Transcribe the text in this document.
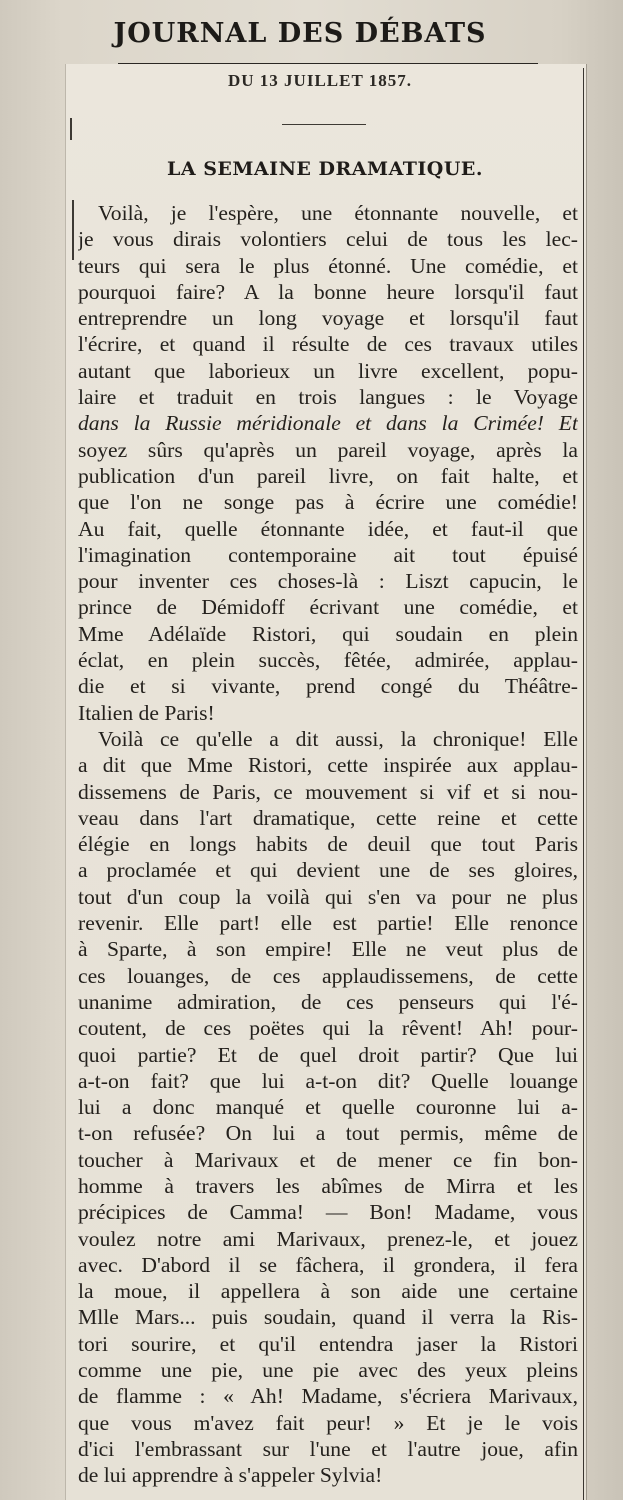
JOURNAL DES DÉBATS
DU 13 JUILLET 1857.
LA SEMAINE DRAMATIQUE.
Voilà, je l'espère, une étonnante nouvelle, et
je vous dirais volontiers celui de tous les lec-
teurs qui sera le plus étonné. Une comédie, et
pourquoi faire? A la bonne heure lorsqu'il faut
entreprendre un long voyage et lorsqu'il faut
l'écrire, et quand il résulte de ces travaux utiles
autant que laborieux un livre excellent, popu-
laire et traduit en trois langues : le Voyage
dans la Russie méridionale et dans la Crimée! Et
soyez sûrs qu'après un pareil voyage, après la
publication d'un pareil livre, on fait halte, et
que l'on ne songe pas à écrire une comédie!
Au fait, quelle étonnante idée, et faut-il que
l'imagination contemporaine ait tout épuisé
pour inventer ces choses-là : Liszt capucin, le
prince de Démidoff écrivant une comédie, et
Mme Adélaïde Ristori, qui soudain en plein
éclat, en plein succès, fêtée, admirée, applau-
die et si vivante, prend congé du Théâtre-
Italien de Paris!
Voilà ce qu'elle a dit aussi, la chronique! Elle
a dit que Mme Ristori, cette inspirée aux applau-
dissemens de Paris, ce mouvement si vif et si nou-
veau dans l'art dramatique, cette reine et cette
élégie en longs habits de deuil que tout Paris
a proclamée et qui devient une de ses gloires,
tout d'un coup la voilà qui s'en va pour ne plus
revenir. Elle part! elle est partie! Elle renonce
à Sparte, à son empire! Elle ne veut plus de
ces louanges, de ces applaudissemens, de cette
unanime admiration, de ces penseurs qui l'é-
coutent, de ces poëtes qui la rêvent! Ah! pour-
quoi partie? Et de quel droit partir? Que lui
a-t-on fait? que lui a-t-on dit? Quelle louange
lui a donc manqué et quelle couronne lui a-
t-on refusée? On lui a tout permis, même de
toucher à Marivaux et de mener ce fin bon-
homme à travers les abîmes de Mirra et les
précipices de Camma! — Bon! Madame, vous
voulez notre ami Marivaux, prenez-le, et jouez
avec. D'abord il se fâchera, il grondera, il fera
la moue, il appellera à son aide une certaine
Mlle Mars... puis soudain, quand il verra la Ris-
tori sourire, et qu'il entendra jaser la Ristori
comme une pie, une pie avec des yeux pleins
de flamme : « Ah! Madame, s'écriera Marivaux,
que vous m'avez fait peur! » Et je le vois
d'ici l'embrassant sur l'une et l'autre joue, afin
de lui apprendre à s'appeler Sylvia!
